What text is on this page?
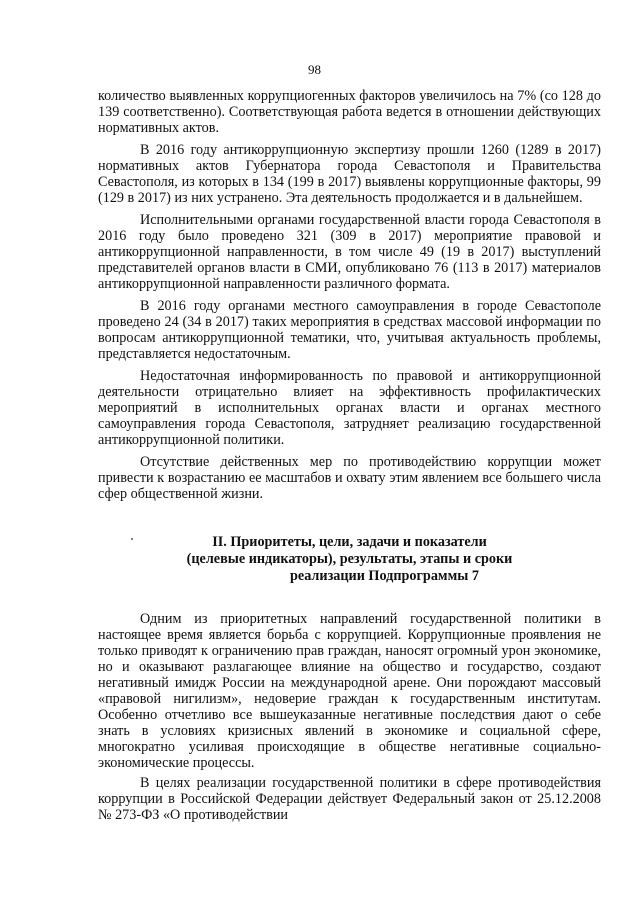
98

количество выявленных коррупциогенных факторов увеличилось на 7% (со 128 до 139 соответственно). Соответствующая работа ведется в отношении действующих нормативных актов.

В 2016 году антикоррупционную экспертизу прошли 1260 (1289 в 2017) нормативных актов Губернатора города Севастополя и Правительства Севастополя, из которых в 134 (199 в 2017) выявлены коррупционные факторы, 99 (129 в 2017) из них устранено. Эта деятельность продолжается и в дальнейшем.

Исполнительными органами государственной власти города Севастополя в 2016 году было проведено 321 (309 в 2017) мероприятие правовой и антикоррупционной направленности, в том числе 49 (19 в 2017) выступлений представителей органов власти в СМИ, опубликовано 76 (113 в 2017) материалов антикоррупционной направленности различного формата.

В 2016 году органами местного самоуправления в городе Севастополе проведено 24 (34 в 2017) таких мероприятия в средствах массовой информации по вопросам антикоррупционной тематики, что, учитывая актуальность проблемы, представляется недостаточным.

Недостаточная информированность по правовой и антикоррупционной деятельности отрицательно влияет на эффективность профилактических мероприятий в исполнительных органах власти и органах местного самоуправления города Севастополя, затрудняет реализацию государственной антикоррупционной политики.

Отсутствие действенных мер по противодействию коррупции может привести к возрастанию ее масштабов и охвату этим явлением все большего числа сфер общественной жизни.

II. Приоритеты, цели, задачи и показатели

(целевые индикаторы), результаты, этапы и сроки

реализации Подпрограммы 7

Одним из приоритетных направлений государственной политики в настоящее время является борьба с коррупцией. Коррупционные проявления не только приводят к ограничению прав граждан, наносят огромный урон экономике, но и оказывают разлагающее влияние на общество и государство, создают негативный имидж России на международной арене. Они порождают массовый «правовой нигилизм», недоверие граждан к государственным институтам. Особенно отчетливо все вышеуказанные негативные последствия дают о себе знать в условиях кризисных явлений в экономике и социальной сфере, многократно усиливая происходящие в обществе негативные социально-экономические процессы.

В целях реализации государственной политики в сфере противодействия коррупции в Российской Федерации действует Федеральный закон от 25.12.2008 № 273-ФЗ «О противодействии
